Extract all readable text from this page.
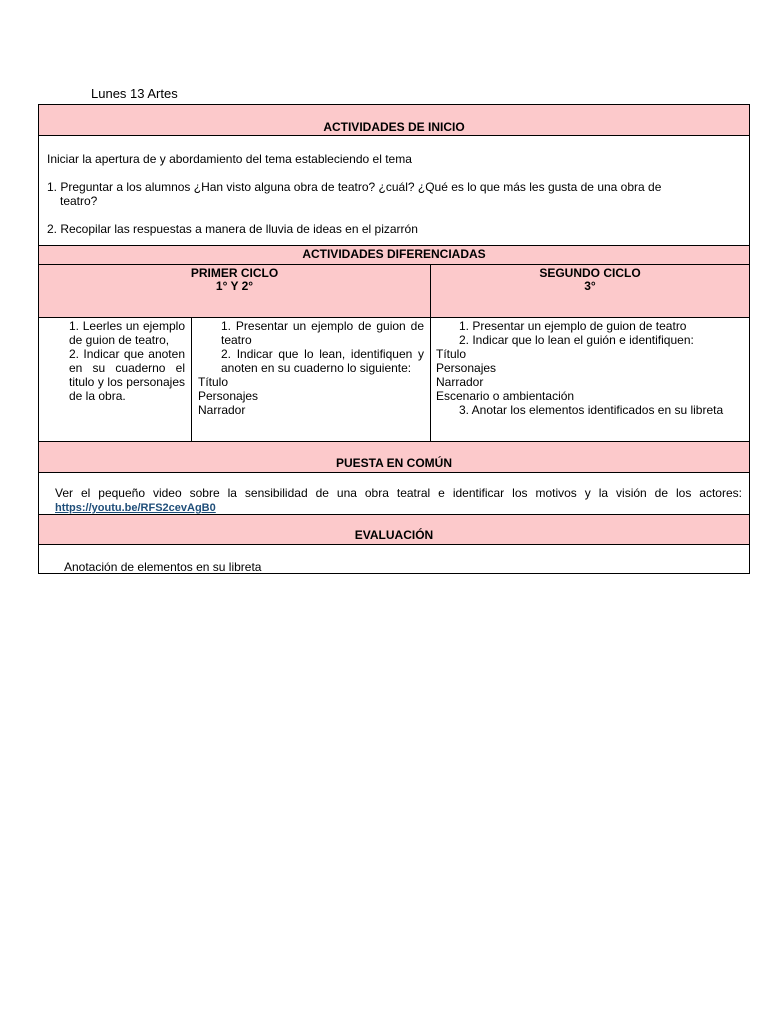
Lunes 13 Artes
ACTIVIDADES DE INICIO

Iniciar la apertura de y abordamiento del tema estableciendo el tema

1. Preguntar a los alumnos ¿Han visto alguna obra de teatro? ¿cuál? ¿Qué es lo que más les gusta de una obra de

teatro?

2. Recopilar las respuestas a manera de lluvia de ideas en el pizarrón

ACTIVIDADES DIFERENCIADAS
PRIMER CICLO
1° Y 2°
SEGUNDO CICLO
3°
1. Leerles un ejemplo de guion de teatro,
2. Indicar que anoten en su cuaderno el titulo y los personajes de la obra.
1. Presentar un ejemplo de guion de teatro
2. Indicar que lo lean, identifiquen y anoten en su cuaderno lo siguiente:
Título
Personajes
Narrador
1. Presentar un ejemplo de guion de teatro
2. Indicar que lo lean el guión e identifiquen:
Título
Personajes
Narrador
Escenario o ambientación
3. Anotar los elementos identificados en su libreta
PUESTA EN COMÚN
Ver el pequeño video sobre la sensibilidad de una obra teatral e identificar los motivos y la visión de los actores: https://youtu.be/RFS2cevAgB0
EVALUACIÓN
Anotación de elementos en su libreta
